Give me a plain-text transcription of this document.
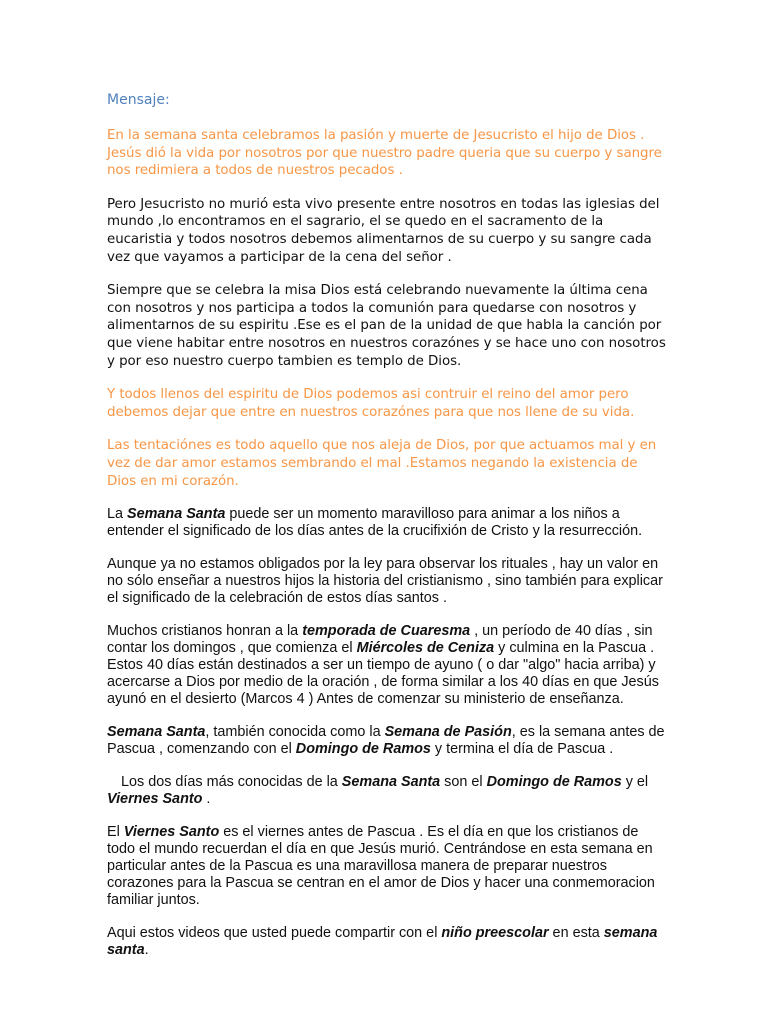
Mensaje:

En la semana santa celebramos la pasión y muerte de Jesucristo el hijo de Dios . Jesús dió la vida por nosotros por que nuestro padre queria que su cuerpo y sangre nos redimiera a todos de nuestros pecados .

Pero Jesucristo no murió esta vivo presente entre nosotros en todas las iglesias del mundo ,lo encontramos en el sagrario, el se quedo en el sacramento de la eucaristia y todos nosotros debemos alimentarnos de su cuerpo y su sangre cada vez que vayamos a participar de la cena del señor .

Siempre que se celebra la misa Dios está celebrando nuevamente la última cena con nosotros y nos participa a todos la comunión para quedarse con nosotros y alimentarnos de su espiritu .Ese es el pan de la unidad de que habla la canción por que viene habitar entre nosotros en nuestros corazónes y se hace uno con nosotros y por eso nuestro cuerpo tambien es templo de Dios.

Y todos llenos del espiritu de Dios podemos asi contruir el reino del amor pero debemos dejar que entre en nuestros corazónes para que nos llene de su vida.

Las tentaciónes es todo aquello que nos aleja de Dios, por que actuamos mal y en vez de dar amor estamos sembrando el mal .Estamos negando la existencia de Dios en mi corazón.

La Semana Santa puede ser un momento maravilloso para animar a los niños a entender el significado de los días antes de la crucifixión de Cristo y la resurrección.

Aunque ya no estamos obligados por la ley para observar los rituales , hay un valor en no sólo enseñar a nuestros hijos la historia del cristianismo , sino también para explicar el significado de la celebración de estos días santos .

Muchos cristianos honran a la temporada de Cuaresma , un período de 40 días , sin contar los domingos , que comienza el Miércoles de Ceniza y culmina en la Pascua . Estos 40 días están destinados a ser un tiempo de ayuno ( o dar "algo" hacia arriba) y acercarse a Dios por medio de la oración , de forma similar a los 40 días en que Jesús ayunó en el desierto (Marcos 4 ) Antes de comenzar su ministerio de enseñanza.

Semana Santa, también conocida como la Semana de Pasión, es la semana antes de Pascua , comenzando con el Domingo de Ramos y termina el día de Pascua .

Los dos días más conocidas de la Semana Santa son el Domingo de Ramos y el Viernes Santo .

El Viernes Santo es el viernes antes de Pascua . Es el día en que los cristianos de todo el mundo recuerdan el día en que Jesús murió. Centrándose en esta semana en particular antes de la Pascua es una maravillosa manera de preparar nuestros corazones para la Pascua se centran en el amor de Dios y hacer una conmemoracion familiar juntos.

Aqui estos videos que usted puede compartir con el niño preescolar en esta semana santa.
